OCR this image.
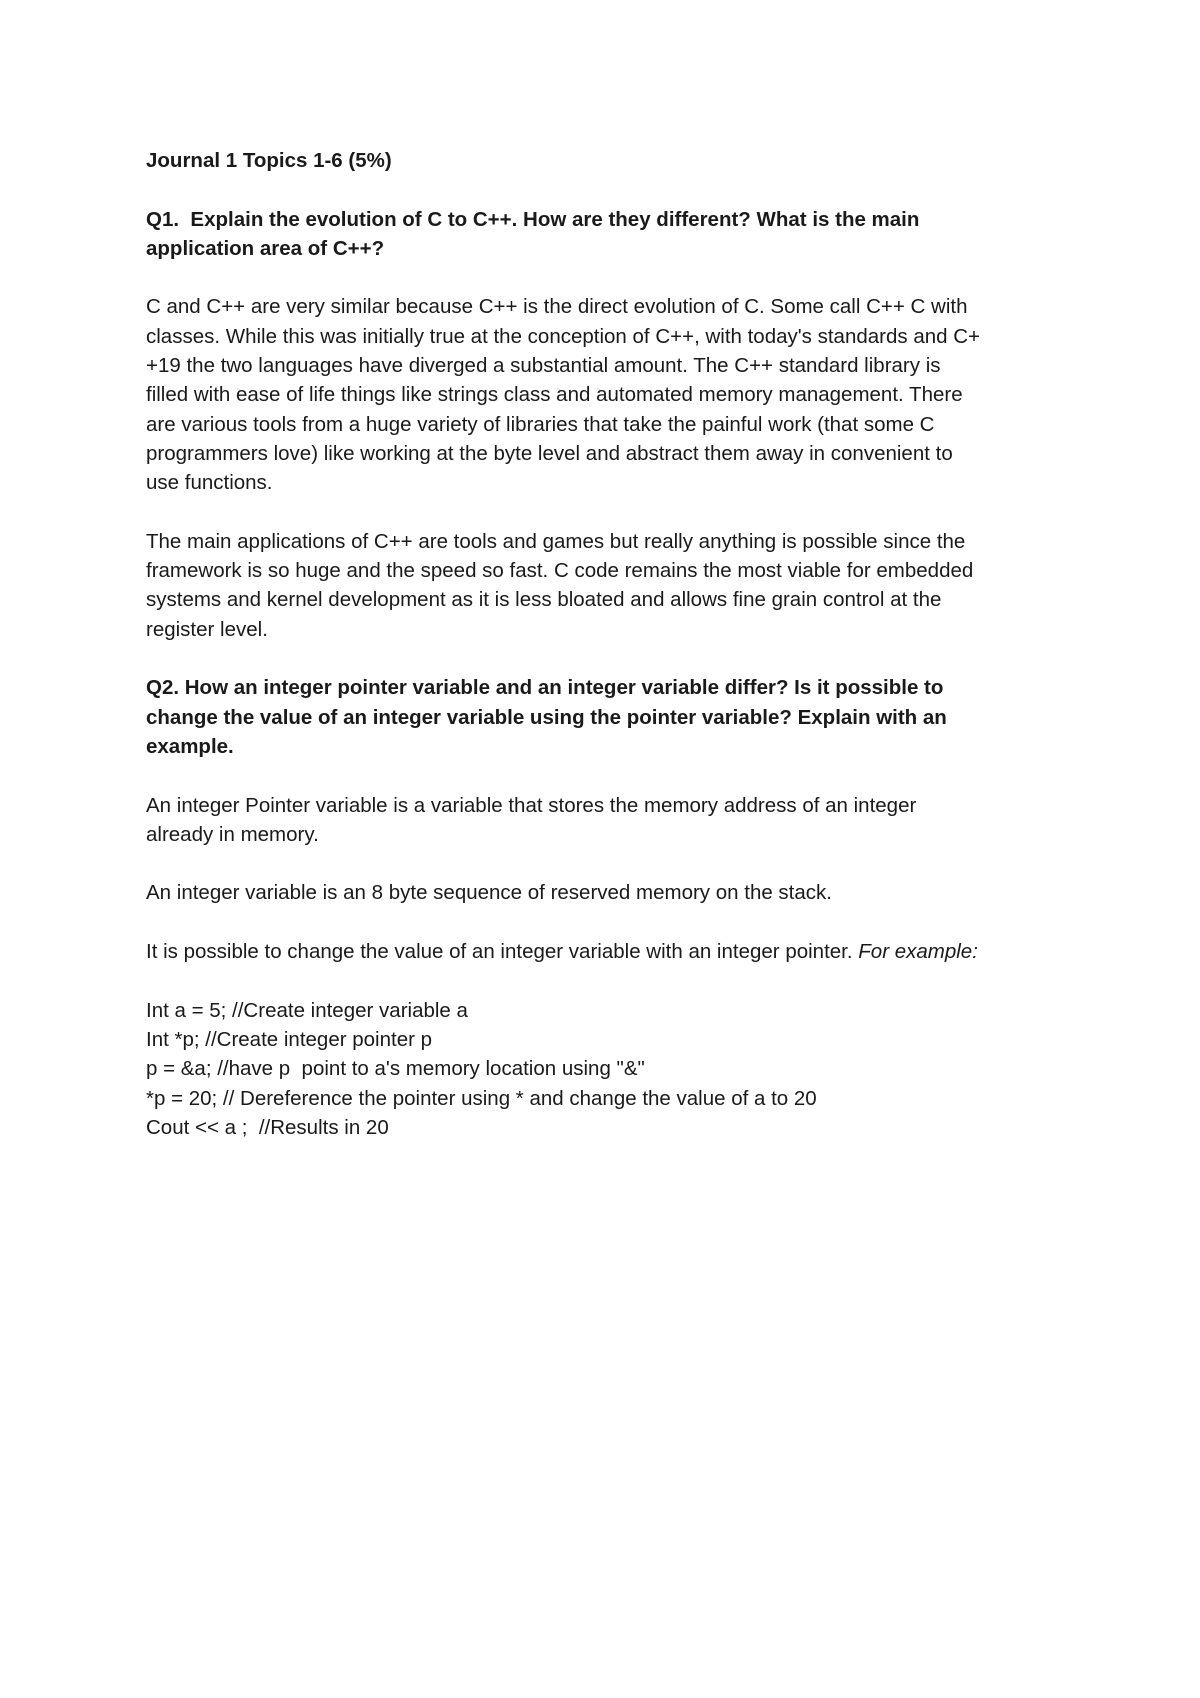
Journal 1 Topics 1-6 (5%)
Q1.  Explain the evolution of C to C++. How are they different? What is the main
application area of C++?
C and C++ are very similar because C++ is the direct evolution of C. Some call C++ C with
classes. While this was initially true at the conception of C++, with today's standards and C+
+19 the two languages have diverged a substantial amount. The C++ standard library is
filled with ease of life things like strings class and automated memory management. There
are various tools from a huge variety of libraries that take the painful work (that some C
programmers love) like working at the byte level and abstract them away in convenient to
use functions.
The main applications of C++ are tools and games but really anything is possible since the
framework is so huge and the speed so fast. C code remains the most viable for embedded
systems and kernel development as it is less bloated and allows fine grain control at the
register level.
Q2. How an integer pointer variable and an integer variable differ? Is it possible to
change the value of an integer variable using the pointer variable? Explain with an
example.
An integer Pointer variable is a variable that stores the memory address of an integer
already in memory.
An integer variable is an 8 byte sequence of reserved memory on the stack.
It is possible to change the value of an integer variable with an integer pointer. For example:
Int a = 5; //Create integer variable a
Int *p; //Create integer pointer p
p = &a; //have p  point to a's memory location using "&"
*p = 20; // Dereference the pointer using * and change the value of a to 20
Cout << a ;  //Results in 20
